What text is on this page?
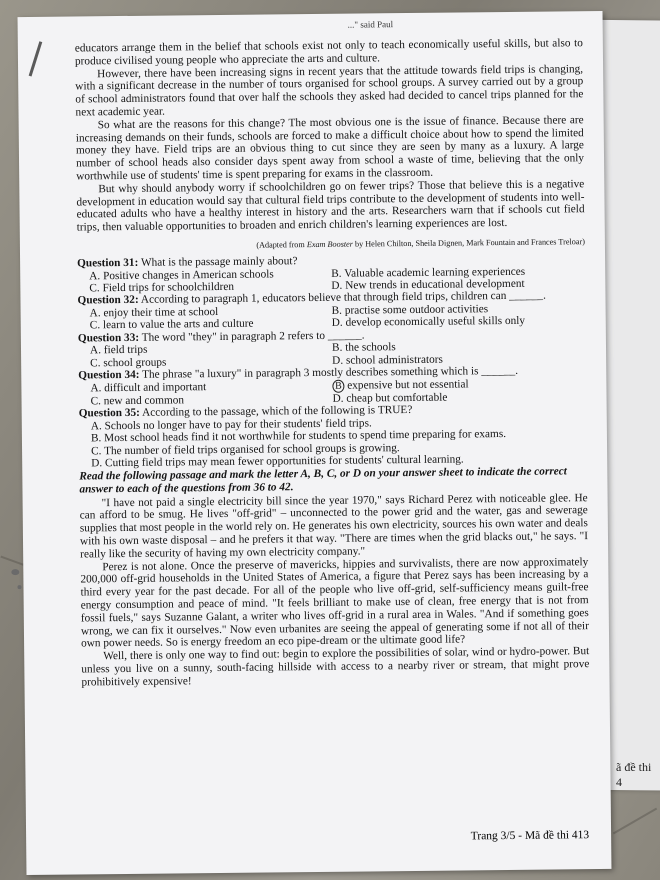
ã đề thi 4
..." said Paul

educators arrange them in the belief that schools exist not only to teach economically useful skills, but also to produce civilised young people who appreciate the arts and culture.

However, there have been increasing signs in recent years that the attitude towards field trips is changing, with a significant decrease in the number of tours organised for school groups. A survey carried out by a group of school administrators found that over half the schools they asked had decided to cancel trips planned for the next academic year.

So what are the reasons for this change? The most obvious one is the issue of finance. Because there are increasing demands on their funds, schools are forced to make a difficult choice about how to spend the limited money they have. Field trips are an obvious thing to cut since they are seen by many as a luxury. A large number of school heads also consider days spent away from school a waste of time, believing that the only worthwhile use of students' time is spent preparing for exams in the classroom.

But why should anybody worry if schoolchildren go on fewer trips? Those that believe this is a negative development in education would say that cultural field trips contribute to the development of students into well-educated adults who have a healthy interest in history and the arts. Researchers warn that if schools cut field trips, then valuable opportunities to broaden and enrich children's learning experiences are lost.

(Adapted from Exam Booster by Helen Chilton, Sheila Dignen, Mark Fountain and Frances Treloar)
Question 31: What is the passage mainly about?
A. Positive changes in American schools	B. Valuable academic learning experiences
C. Field trips for schoolchildren	D. New trends in educational development
Question 32: According to paragraph 1, educators believe that through field trips, children can ______.
A. enjoy their time at school	B. practise some outdoor activities
C. learn to value the arts and culture	D. develop economically useful skills only
Question 33: The word "they" in paragraph 2 refers to ______.
A. field trips	B. the schools
C. school groups	D. school administrators
Question 34: The phrase "a luxury" in paragraph 3 mostly describes something which is ______.
A. difficult and important	B expensive but not essential
C. new and common	D. cheap but comfortable
Question 35: According to the passage, which of the following is TRUE?
A. Schools no longer have to pay for their students' field trips.
B. Most school heads find it not worthwhile for students to spend time preparing for exams.
C. The number of field trips organised for school groups is growing.
D. Cutting field trips may mean fewer opportunities for students' cultural learning.
Read the following passage and mark the letter A, B, C, or D on your answer sheet to indicate the correct answer to each of the questions from 36 to 42.

"I have not paid a single electricity bill since the year 1970," says Richard Perez with noticeable glee. He can afford to be smug. He lives "off-grid" – unconnected to the power grid and the water, gas and sewerage supplies that most people in the world rely on. He generates his own electricity, sources his own water and deals with his own waste disposal – and he prefers it that way. "There are times when the grid blacks out," he says. "I really like the security of having my own electricity company."

Perez is not alone. Once the preserve of mavericks, hippies and survivalists, there are now approximately 200,000 off-grid households in the United States of America, a figure that Perez says has been increasing by a third every year for the past decade. For all of the people who live off-grid, self-sufficiency means guilt-free energy consumption and peace of mind. "It feels brilliant to make use of clean, free energy that is not from fossil fuels," says Suzanne Galant, a writer who lives off-grid in a rural area in Wales. "And if something goes wrong, we can fix it ourselves." Now even urbanites are seeing the appeal of generating some if not all of their own power needs. So is energy freedom an eco pipe-dream or the ultimate good life?

Well, there is only one way to find out: begin to explore the possibilities of solar, wind or hydro-power. But unless you live on a sunny, south-facing hillside with access to a nearby river or stream, that might prove prohibitively expensive!

Trang 3/5 - Mã đề thi 413
